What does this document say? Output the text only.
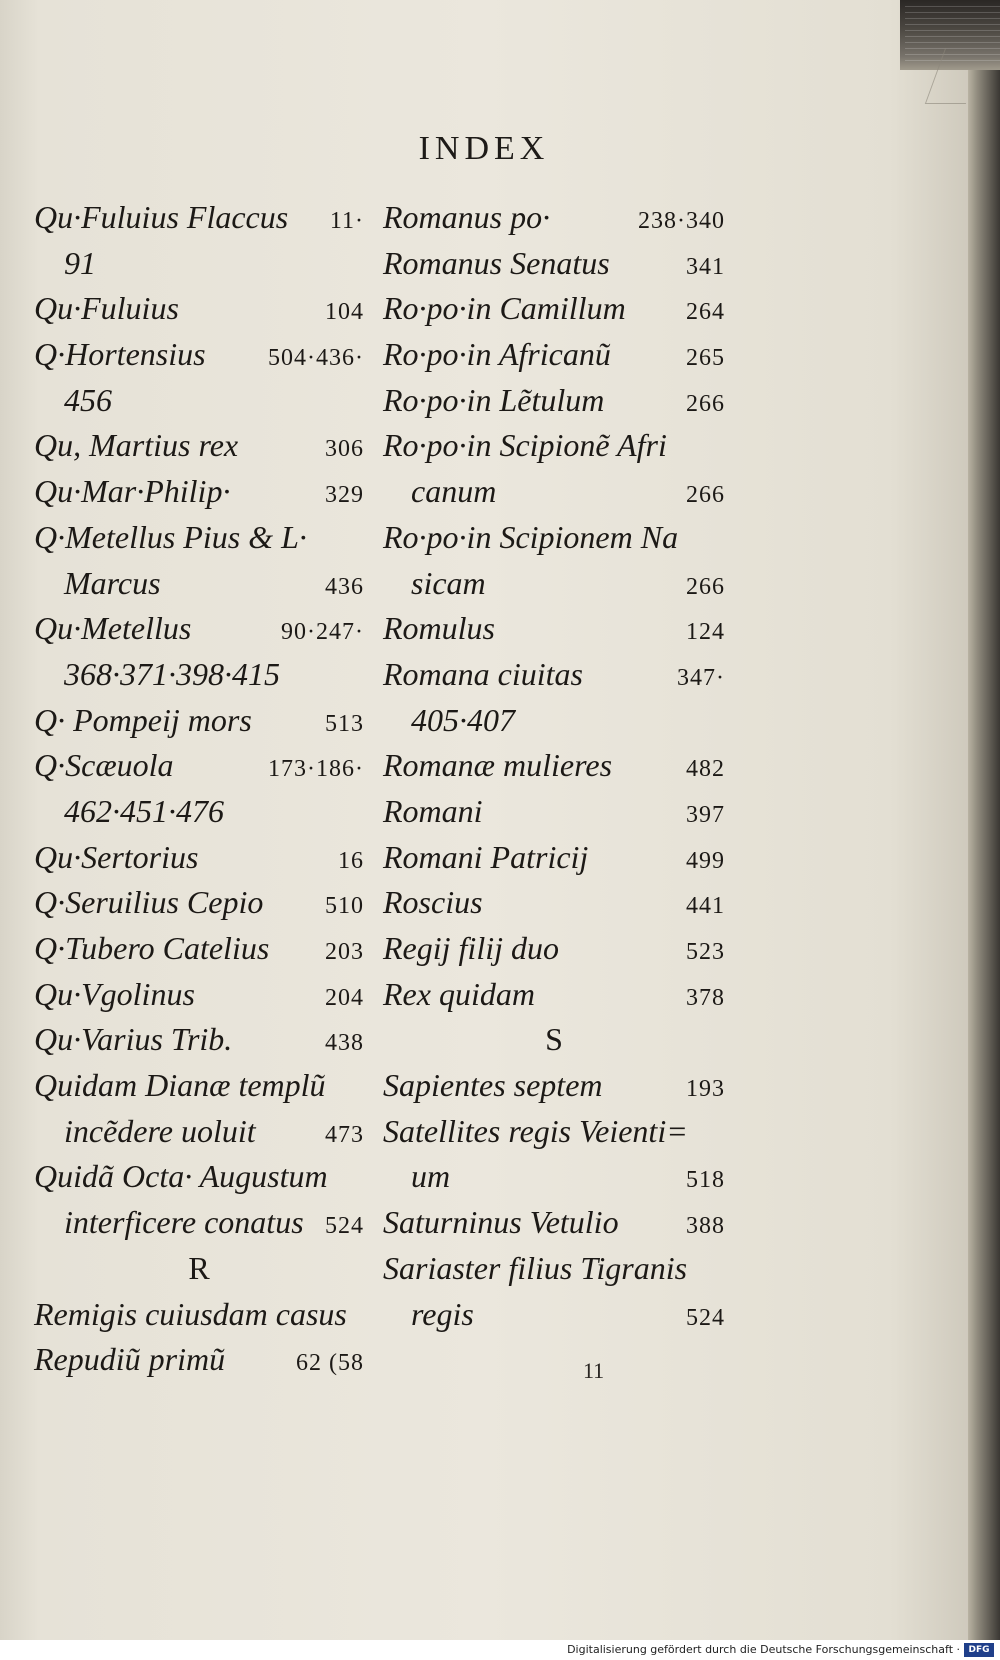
INDEX
Qu·Fuluius Flaccus 11·
91
Qu·Fuluius	104
Q·Hortensius	504·436·
456
Qu, Martius rex	306
Qu·Mar·Philip·	329
Q·Metellus Pius & L·
Marcus	436
Qu·Metellus	90·247·
368·371·398·415
Q· Pompeij mors	513
Q·Scæuola	173·186·
462·451·476
Qu·Sertorius	16
Q·Seruilius Cepio	510
Q·Tubero Catelius 203
Qu·Vgolinus	204
Qu·Varius Trib.	438
Quidam Dianæ templũ
incẽdere uoluit	473
Quidã Octa· Augustum
interficere conatus 524
R
Remigis cuiusdam casus
Repudiũ primũ	62 (58
Romanus po·	238·340
Romanus Senatus	341
Ro·po·in Camillum	264
Ro·po·in Africanũ	265
Ro·po·in Lẽtulum	266
Ro·po·in Scipionẽ Afri
canum	266
Ro·po·in Scipionem Na
sicam	266
Romulus	124
Romana ciuitas	347·
405·407
Romanæ mulieres	482
Romani	397
Romani Patricij	499
Roscius	441
Regij filij duo	523
Rex quidam	378
S
Sapientes septem	193
Satellites regis Veienti=
um	518
Saturninus Vetulio	388
Sariaster filius Tigranis
regis	524
11
Digitalisierung gefördert durch die Deutsche Forschungsgemeinschaft · DFG
